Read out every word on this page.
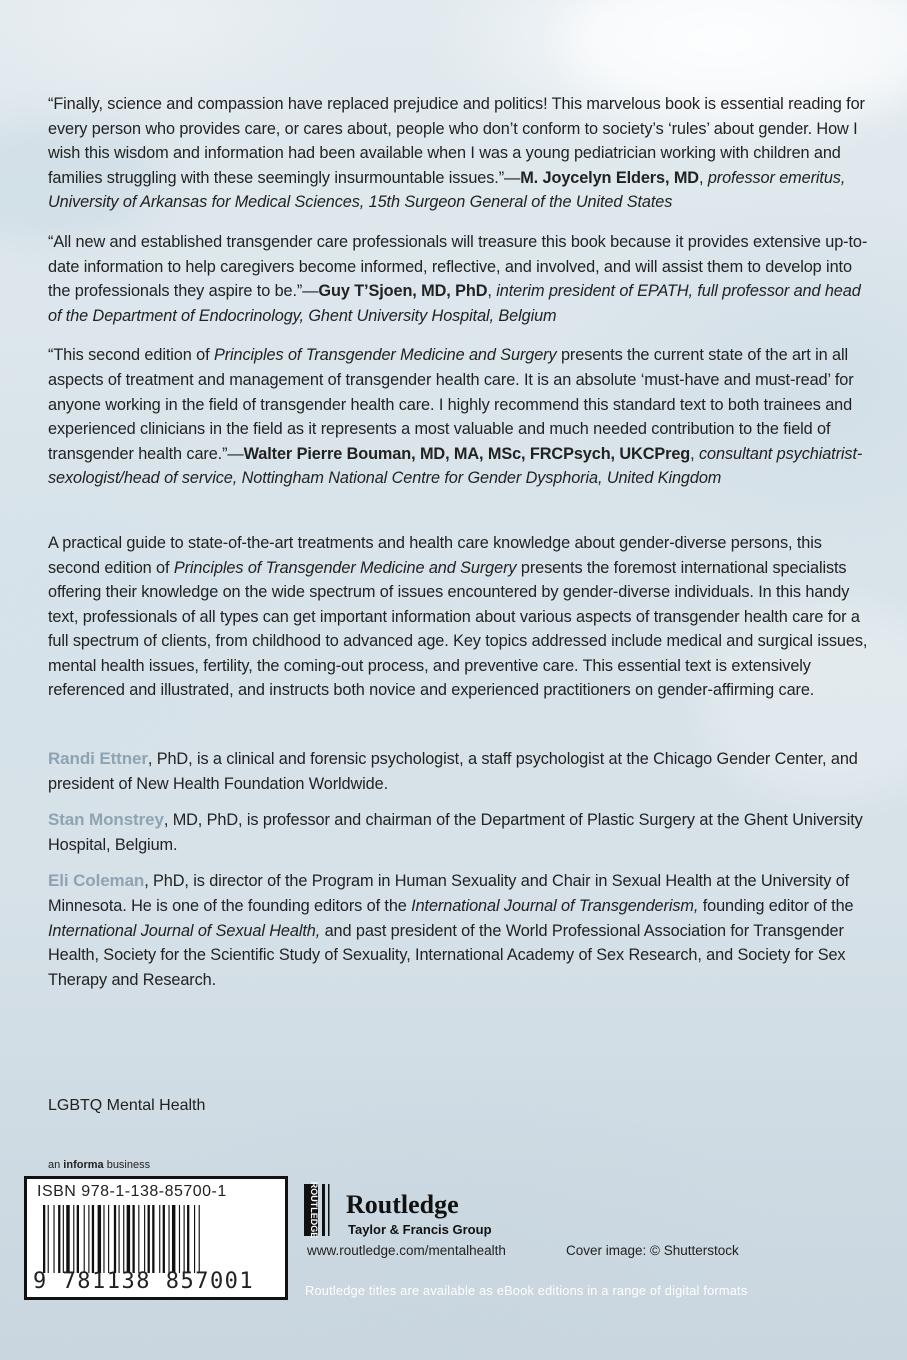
“Finally, science and compassion have replaced prejudice and politics! This marvelous book is essential reading for every person who provides care, or cares about, people who don’t conform to society’s ‘rules’ about gender. How I wish this wisdom and information had been available when I was a young pediatrician working with children and families struggling with these seemingly insurmountable issues.”—M. Joycelyn Elders, MD, professor emeritus, University of Arkansas for Medical Sciences, 15th Surgeon General of the United States

“All new and established transgender care professionals will treasure this book because it provides extensive up-to-date information to help caregivers become informed, reflective, and involved, and will assist them to develop into the professionals they aspire to be.”—Guy T’Sjoen, MD, PhD, interim president of EPATH, full professor and head of the Department of Endocrinology, Ghent University Hospital, Belgium

“This second edition of Principles of Transgender Medicine and Surgery presents the current state of the art in all aspects of treatment and management of transgender health care. It is an absolute ‘must-have and must-read’ for anyone working in the field of transgender health care. I highly recommend this standard text to both trainees and experienced clinicians in the field as it represents a most valuable and much needed contribution to the field of transgender health care.”—Walter Pierre Bouman, MD, MA, MSc, FRCPsych, UKCPreg, consultant psychiatrist-sexologist/head of service, Nottingham National Centre for Gender Dysphoria, United Kingdom

A practical guide to state-of-the-art treatments and health care knowledge about gender-diverse persons, this second edition of Principles of Transgender Medicine and Surgery presents the foremost international specialists offering their knowledge on the wide spectrum of issues encountered by gender-diverse individuals. In this handy text, professionals of all types can get important information about various aspects of transgender health care for a full spectrum of clients, from childhood to advanced age. Key topics addressed include medical and surgical issues, mental health issues, fertility, the coming-out process, and preventive care. This essential text is extensively referenced and illustrated, and instructs both novice and experienced practitioners on gender-affirming care.

Randi Ettner, PhD, is a clinical and forensic psychologist, a staff psychologist at the Chicago Gender Center, and president of New Health Foundation Worldwide.

Stan Monstrey, MD, PhD, is professor and chairman of the Department of Plastic Surgery at the Ghent University Hospital, Belgium.

Eli Coleman, PhD, is director of the Program in Human Sexuality and Chair in Sexual Health at the University of Minnesota. He is one of the founding editors of the International Journal of Transgenderism, founding editor of the International Journal of Sexual Health, and past president of the World Professional Association for Transgender Health, Society for the Scientific Study of Sexuality, International Academy of Sex Research, and Society for Sex Therapy and Research.

LGBTQ Mental Health
an informa business
ISBN 978-1-138-85700-1
9 781138 857001
ROUTLEDGE Routledge
Taylor & Francis Group
www.routledge.com/mentalhealth	Cover image: © Shutterstock
Routledge titles are available as eBook editions in a range of digital formats
